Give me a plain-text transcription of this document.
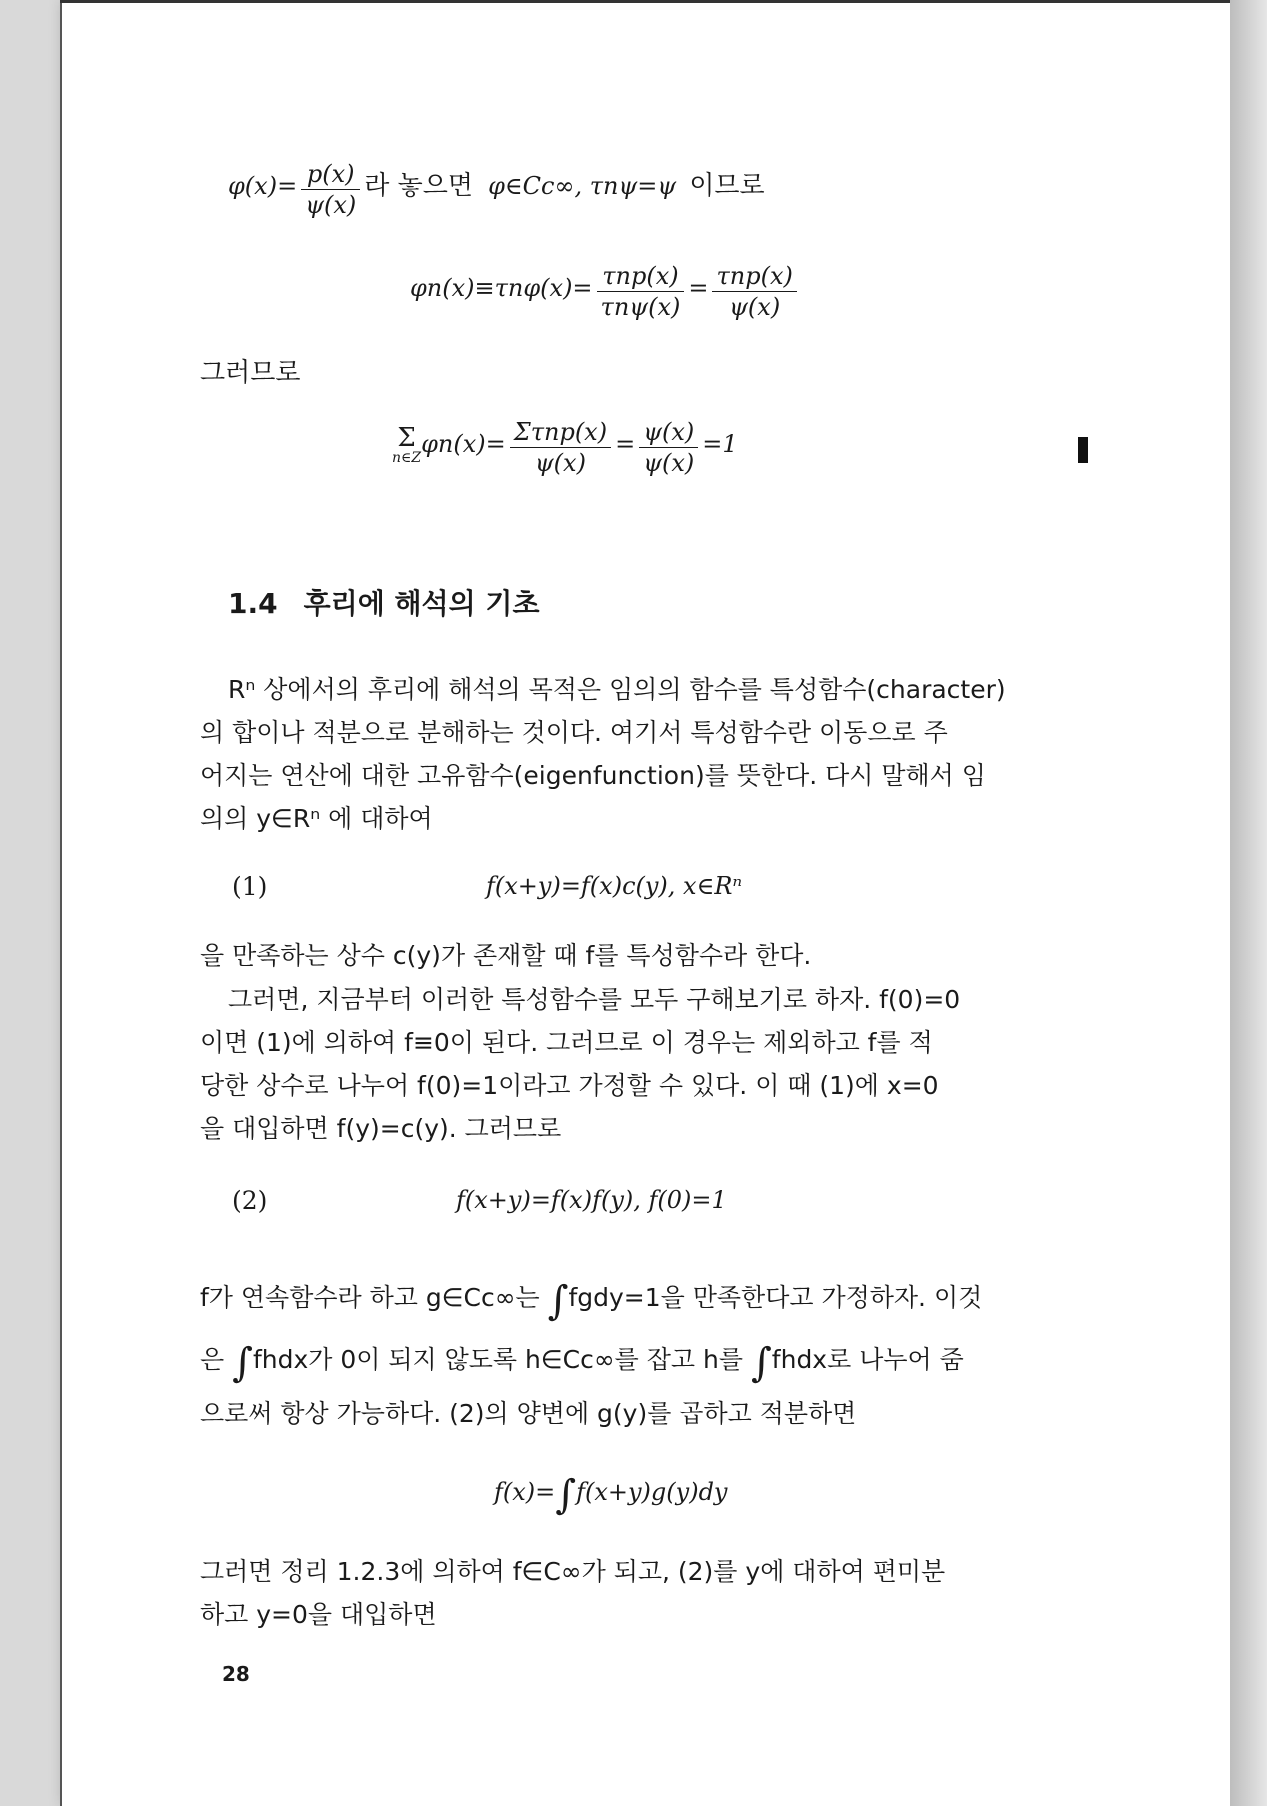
$\varphi(x)= \frac{p(x)}{\psi(x)}$ 라 놓으면 φ∈Cc∞, τnψ=ψ 이므로
$\varphi n(x)\equiv\tau n\varphi(x)= \frac{\text{τnp(x)}}{\text{τnψ(x)}} = \frac{\text{τnp(x)}}{\psi(x)}$
그러므로
Σ
n∈Z $\varphi n(x)= \frac{\text{Στnp(x)}}{\psi(x)} = \frac{\psi(x)}{\psi(x)} =1$
1.4 후리에 해석의 기초
Rⁿ 상에서의 후리에 해석의 목적은 임의의 함수를 특성함수(character)
의 합이나 적분으로 분해하는 것이다. 여기서 특성함수란 이동으로 주
어지는 연산에 대한 고유함수(eigenfunction)를 뜻한다. 다시 말해서 임
의의 y∈Rⁿ 에 대하여
(1)	f(x+y)=f(x)c(y), x∈Rⁿ
을 만족하는 상수 c(y)가 존재할 때 f를 특성함수라 한다.
그러면, 지금부터 이러한 특성함수를 모두 구해보기로 하자. f(0)=0
이면 (1)에 의하여 f≡0이 된다. 그러므로 이 경우는 제외하고 f를 적
당한 상수로 나누어 f(0)=1이라고 가정할 수 있다. 이 때 (1)에 x=0
을 대입하면 f(y)=c(y). 그러므로
(2)	f(x+y)=f(x)f(y), f(0)=1
f가 연속함수라 하고 g∈Cc∞는 ∫fgdy=1을 만족한다고 가정하자. 이것
은 ∫fhdx가 0이 되지 않도록 h∈Cc∞를 잡고 h를 ∫fhdx로 나누어 줌
으로써 항상 가능하다. (2)의 양변에 g(y)를 곱하고 적분하면
f(x)=∫f(x+y)g(y)dy
그러면 정리 1.2.3에 의하여 f∈C∞가 되고, (2)를 y에 대하여 편미분
하고 y=0을 대입하면
28
